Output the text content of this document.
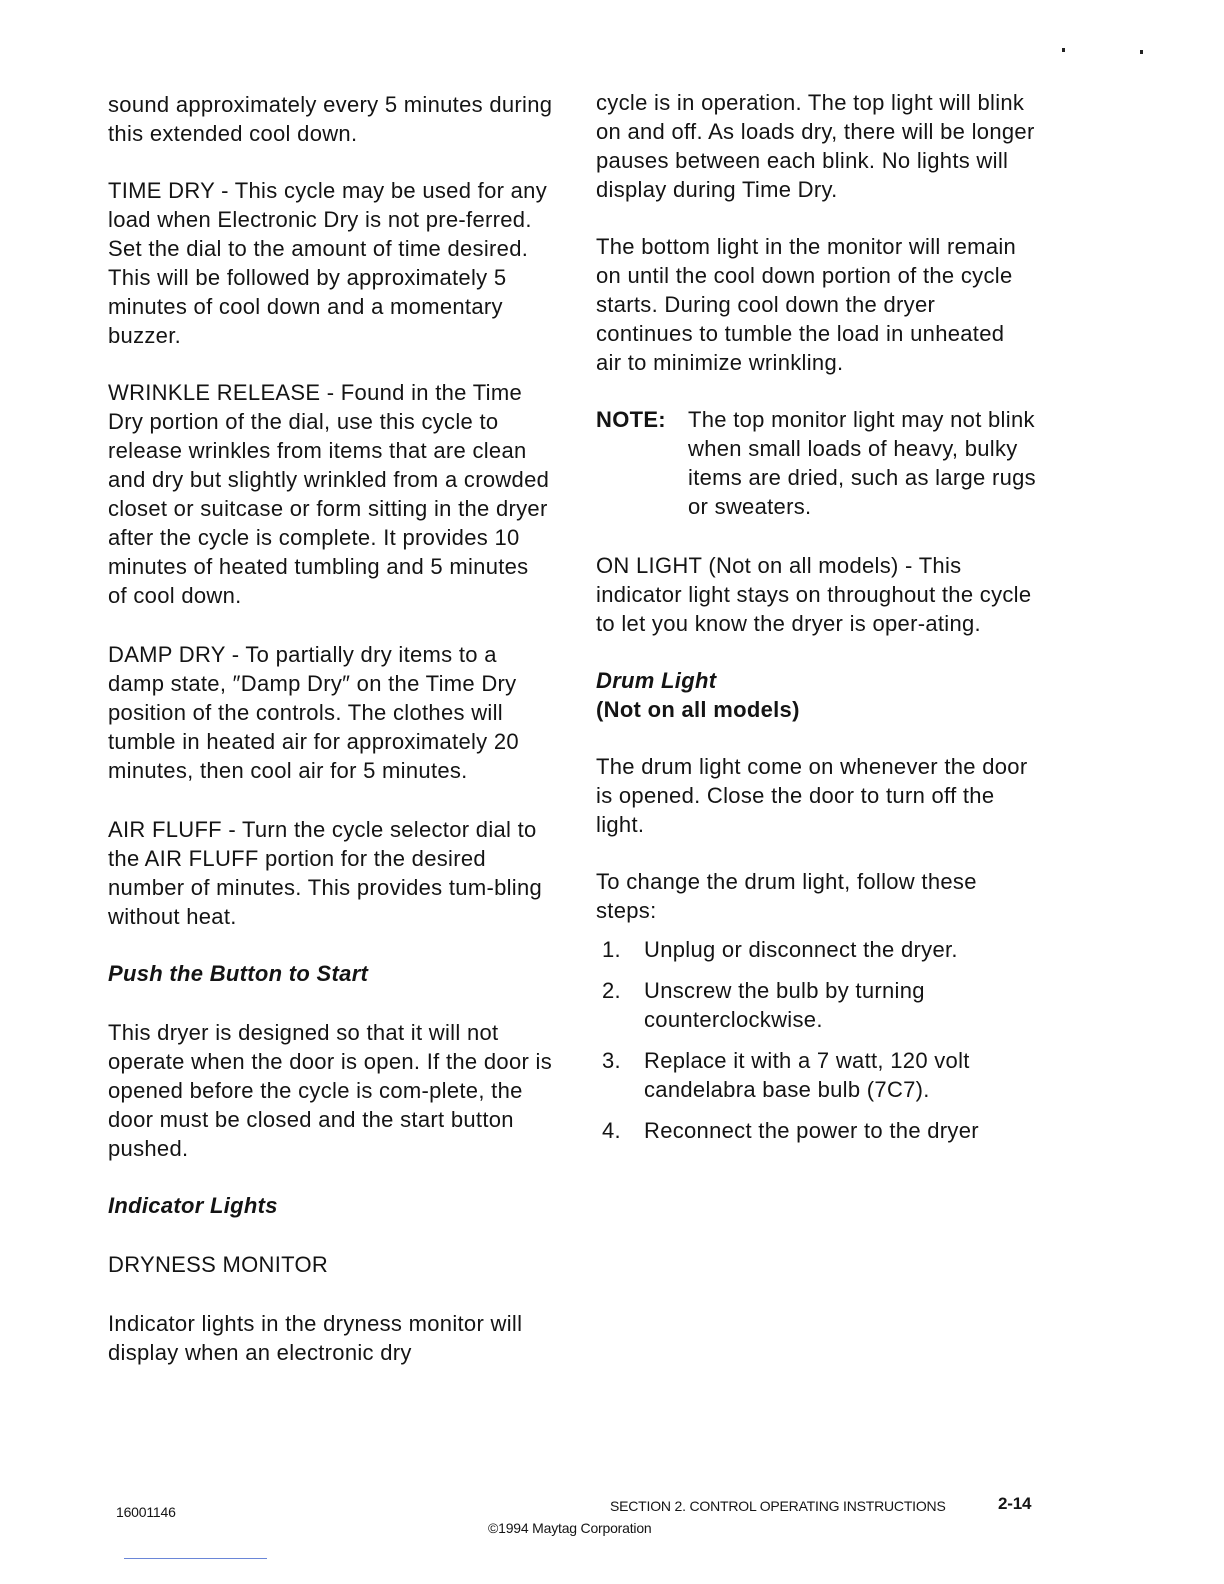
sound approximately every 5 minutes during this extended cool down.

TIME DRY - This cycle may be used for any load when Electronic Dry is not pre-ferred. Set the dial to the amount of time desired. This will be followed by approximately 5 minutes of cool down and a momentary buzzer.

WRINKLE RELEASE - Found in the Time Dry portion of the dial, use this cycle to release wrinkles from items that are clean and dry but slightly wrinkled from a crowded closet or suitcase or form sitting in the dryer after the cycle is complete. It provides 10 minutes of heated tumbling and 5 minutes of cool down.

DAMP DRY - To partially dry items to a damp state, ″Damp Dry″ on the Time Dry position of the controls. The clothes will tumble in heated air for approximately 20 minutes, then cool air for 5 minutes.

AIR FLUFF - Turn the cycle selector dial to the AIR FLUFF portion for the desired number of minutes. This provides tum-bling without heat.

Push the Button to Start

This dryer is designed so that it will not operate when the door is open. If the door is opened before the cycle is com-plete, the door must be closed and the start button pushed.

Indicator Lights

DRYNESS MONITOR

Indicator lights in the dryness monitor will display when an electronic dry

cycle is in operation. The top light will blink on and off. As loads dry, there will be longer pauses between each blink. No lights will display during Time Dry.

The bottom light in the monitor will remain on until the cool down portion of the cycle starts. During cool down the dryer continues to tumble the load in unheated air to minimize wrinkling.

NOTE:	The top monitor light may not blink when small loads of heavy, bulky items are dried, such as large rugs or sweaters.

ON LIGHT (Not on all models) - This indicator light stays on throughout the cycle to let you know the dryer is oper-ating.

Drum Light
(Not on all models)

The drum light come on whenever the door is opened. Close the door to turn off the light.

To change the drum light, follow these steps:

1.	Unplug or disconnect the dryer.
2.	Unscrew the bulb by turning counterclockwise.
3.	Replace it with a 7 watt, 120 volt candelabra base bulb (7C7).
4.	Reconnect the power to the dryer
16001146	SECTION 2. CONTROL OPERATING INSTRUCTIONS	2-14
©1994 Maytag Corporation
